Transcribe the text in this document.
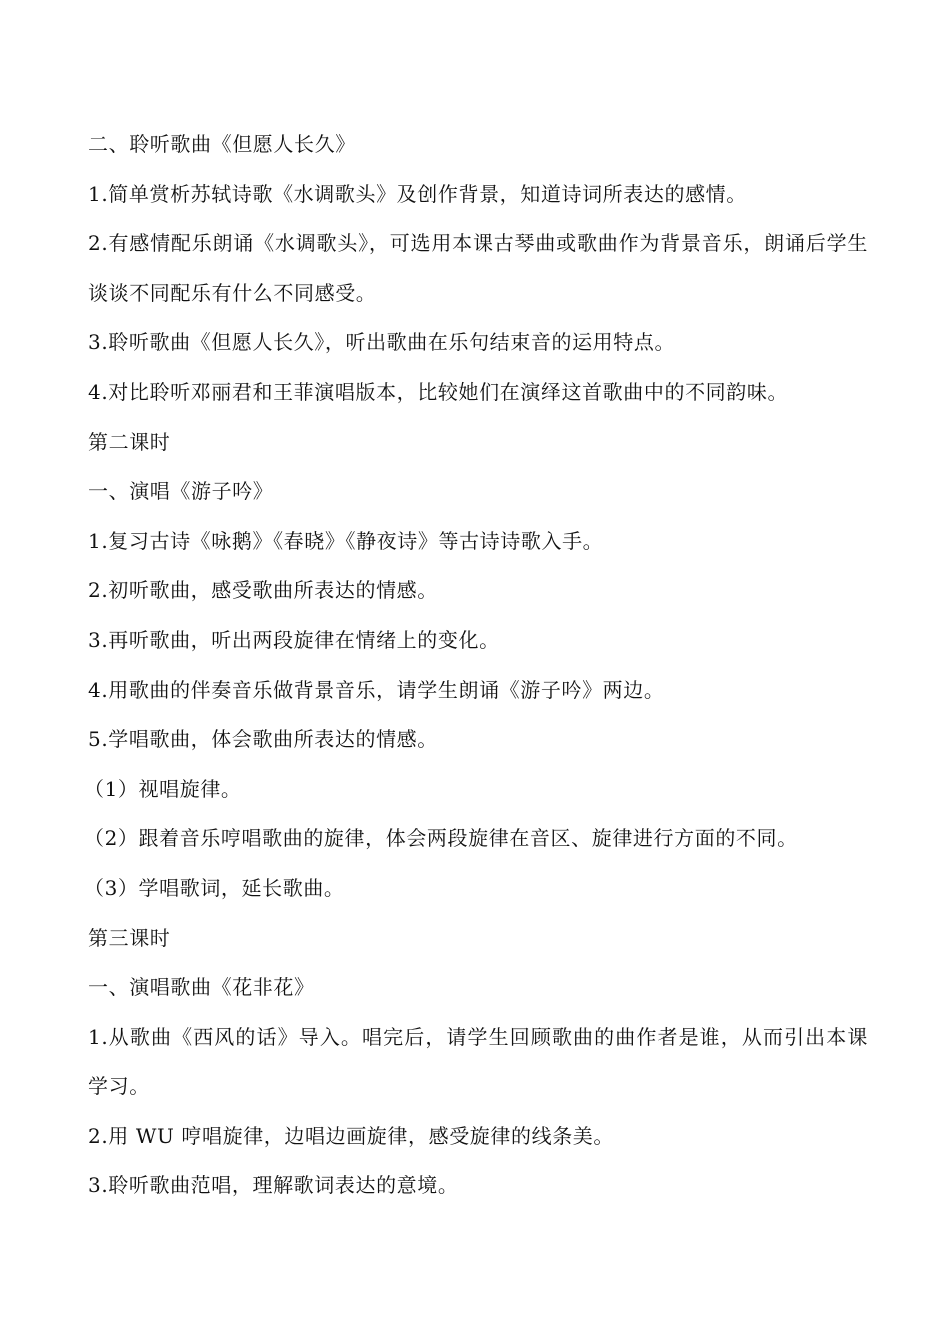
二、聆听歌曲《但愿人长久》
1.简单赏析苏轼诗歌《水调歌头》及创作背景，知道诗词所表达的感情。
2.有感情配乐朗诵《水调歌头》，可选用本课古琴曲或歌曲作为背景音乐，朗诵后学生谈谈不同配乐有什么不同感受。
3.聆听歌曲《但愿人长久》，听出歌曲在乐句结束音的运用特点。
4.对比聆听邓丽君和王菲演唱版本，比较她们在演绎这首歌曲中的不同韵味。
第二课时
一、演唱《游子吟》
1.复习古诗《咏鹅》《春晓》《静夜诗》等古诗诗歌入手。
2.初听歌曲，感受歌曲所表达的情感。
3.再听歌曲，听出两段旋律在情绪上的变化。
4.用歌曲的伴奏音乐做背景音乐，请学生朗诵《游子吟》两边。
5.学唱歌曲，体会歌曲所表达的情感。
（1）视唱旋律。
（2）跟着音乐哼唱歌曲的旋律，体会两段旋律在音区、旋律进行方面的不同。
（3）学唱歌词，延长歌曲。
第三课时
一、演唱歌曲《花非花》
1.从歌曲《西风的话》导入。唱完后，请学生回顾歌曲的曲作者是谁，从而引出本课学习。
2.用 WU 哼唱旋律，边唱边画旋律，感受旋律的线条美。
3.聆听歌曲范唱，理解歌词表达的意境。
